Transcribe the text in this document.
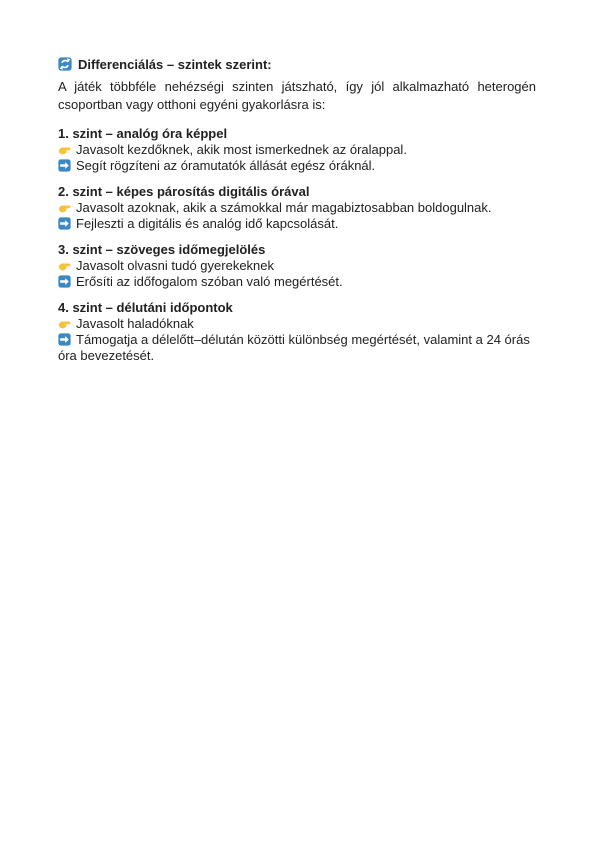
Differenciálás – szintek szerint:

A játék többféle nehézségi szinten játszható, így jól alkalmazható heterogén csoportban vagy otthoni egyéni gyakorlásra is:

1. szint – analóg óra képpel

Javasolt kezdőknek, akik most ismerkednek az óralappal.

Segít rögzíteni az óramutatók állását egész óráknál.

2. szint – képes párosítás digitális órával

Javasolt azoknak, akik a számokkal már magabiztosabban boldogulnak.

Fejleszti a digitális és analóg idő kapcsolását.

3. szint – szöveges időmegjelölés

Javasolt olvasni tudó gyerekeknek

Erősíti az időfogalom szóban való megértését.

4. szint – délutáni időpontok

Javasolt haladóknak

Támogatja a délelőtt–délután közötti különbség megértését, valamint a 24 órás óra bevezetését.
